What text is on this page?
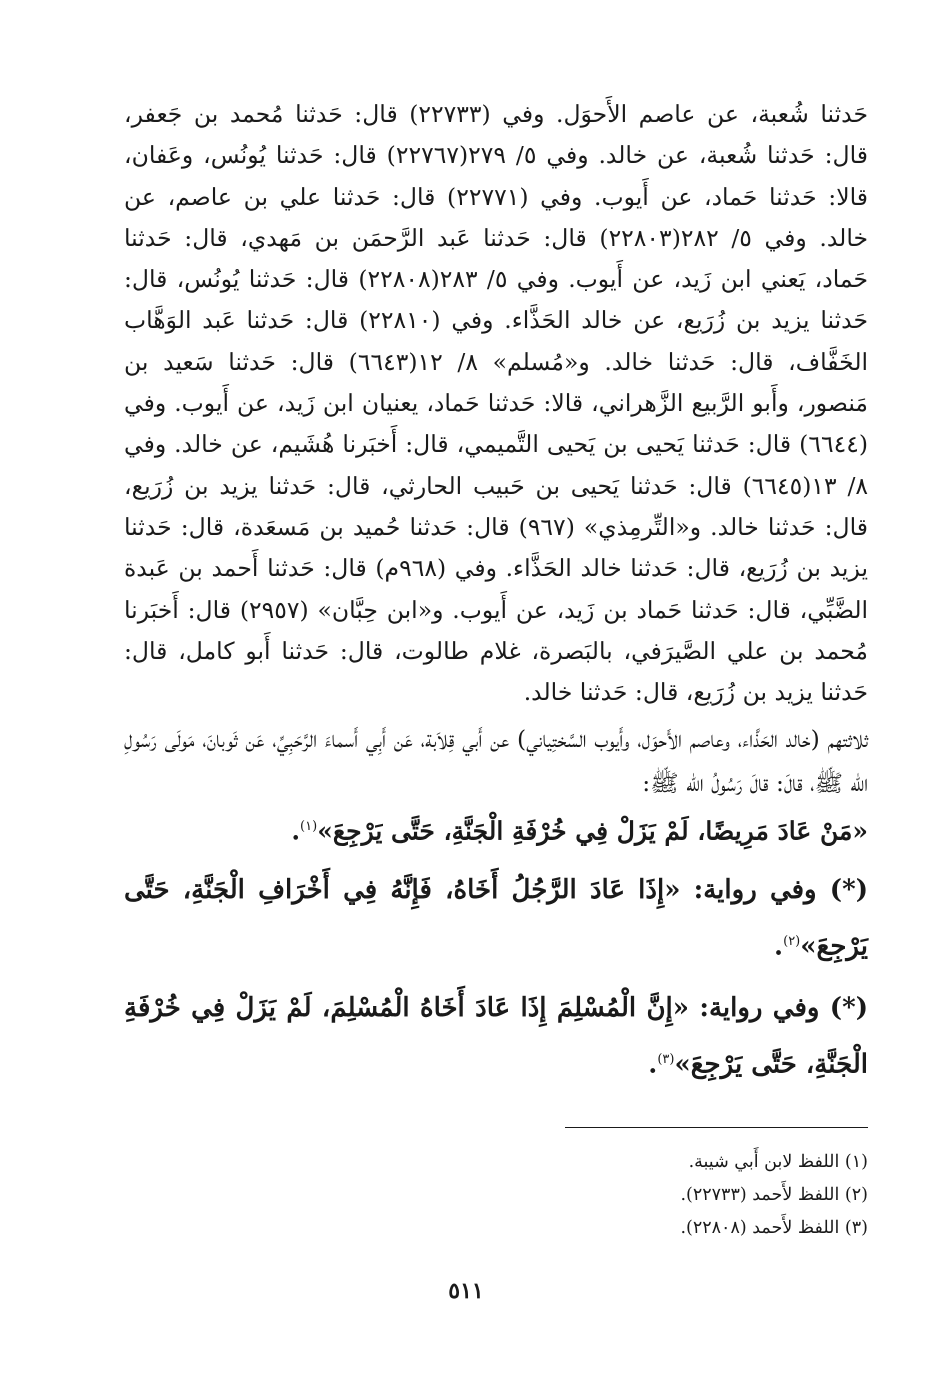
حَدثنا شُعبة، عن عاصم الأَحوَل. وفي (٢٢٧٣٣) قال: حَدثنا مُحمد بن جَعفر، قال: حَدثنا شُعبة، عن خالد. وفي ٥/ ٢٧٩(٢٢٧٦٧) قال: حَدثنا يُونُس، وعَفان، قالا: حَدثنا حَماد، عن أَيوب. وفي (٢٢٧٧١) قال: حَدثنا علي بن عاصم، عن خالد. وفي ٥/ ٢٨٢(٢٢٨٠٣) قال: حَدثنا عَبد الرَّحمَن بن مَهدي، قال: حَدثنا حَماد، يَعني ابن زَيد، عن أَيوب. وفي ٥/ ٢٨٣(٢٢٨٠٨) قال: حَدثنا يُونُس، قال: حَدثنا يزيد بن زُرَيع، عن خالد الحَذَّاء. وفي (٢٢٨١٠) قال: حَدثنا عَبد الوَهَّاب الخَفَّاف، قال: حَدثنا خالد. و«مُسلم» ٨/ ١٢(٦٦٤٣) قال: حَدثنا سَعيد بن مَنصور، وأَبو الرَّبيع الزَّهراني، قالا: حَدثنا حَماد، يعنيان ابن زَيد، عن أَيوب. وفي (٦٦٤٤) قال: حَدثنا يَحيى بن يَحيى التَّميمي، قال: أَخبَرنا هُشَيم، عن خالد. وفي ٨/ ١٣(٦٦٤٥) قال: حَدثنا يَحيى بن حَبيب الحارثي، قال: حَدثنا يزيد بن زُرَيع، قال: حَدثنا خالد. و«التِّرمِذي» (٩٦٧) قال: حَدثنا حُميد بن مَسعَدة، قال: حَدثنا يزيد بن زُرَيع، قال: حَدثنا خالد الحَذَّاء. وفي (٩٦٨م) قال: حَدثنا أَحمد بن عَبدة الضَّبِّي، قال: حَدثنا حَماد بن زَيد، عن أَيوب. و«ابن حِبَّان» (٢٩٥٧) قال: أَخبَرنا مُحمد بن علي الصَّيرَفي، بالبَصرة، غلام طالوت، قال: حَدثنا أَبو كامل، قال: حَدثنا يزيد بن زُرَيع، قال: حَدثنا خالد.

ثلاثتهم (خالد الحَذَّاء، وعاصم الأَحوَل، وأَيوب السَّختِياني) عن أَبي قِلاَبة، عَن أَبِي أَسماءَ الرَّحَبِيِّ، عَن ثَوبانَ، مَولَى رَسُولِ الله ﷺ، قالَ: قالَ رَسُولُ الله ﷺ:

«مَنْ عَادَ مَرِيضًا، لَمْ يَزَلْ فِي خُرْفَةِ الْجَنَّةِ، حَتَّى يَرْجِعَ»$^{(١)}$.

(*) وفي رواية: «إِذَا عَادَ الرَّجُلُ أَخَاهُ، فَإِنَّهُ فِي أَخْرَافِ الْجَنَّةِ، حَتَّى يَرْجِعَ»$^{(٢)}$.

(*) وفي رواية: «إِنَّ الْمُسْلِمَ إِذَا عَادَ أَخَاهُ الْمُسْلِمَ، لَمْ يَزَلْ فِي خُرْفَةِ الْجَنَّةِ، حَتَّى يَرْجِعَ»$^{(٣)}$.

(١) اللفظ لابن أَبي شيبة.

(٢) اللفظ لأَحمد (٢٢٧٣٣).

(٣) اللفظ لأَحمد (٢٢٨٠٨).

٥١١
